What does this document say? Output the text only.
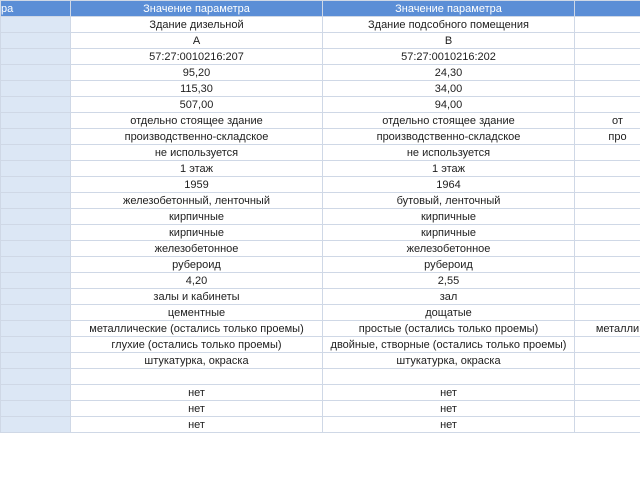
ра	Значение параметра	Значение параметра	
	Здание дизельной	Здание подсобного помещения	
	А	В	
	57:27:0010216:207	57:27:0010216:202	
	95,20	24,30	
	115,30	34,00	
	507,00	94,00	
	отдельно стоящее здание	отдельно стоящее здание	от
	производственно-складское	производственно-складское	про
	не используется	не используется	
	1 этаж	1 этаж	
	1959	1964	
	железобетонный, ленточный	бутовый, ленточный	
	кирпичные	кирпичные	
	кирпичные	кирпичные	
	железобетонное	железобетонное	
	рубероид	рубероид	
	4,20	2,55	
	залы и кабинеты	зал	
	цементные	дощатые	
	металлические (остались только проемы)	простые (остались только проемы)	металли
	глухие (остались только проемы)	двойные, створные (остались только проемы)	
	штукатурка, окраска	штукатурка, окраска	

	нет	нет	
	нет	нет	
	нет	нет	
